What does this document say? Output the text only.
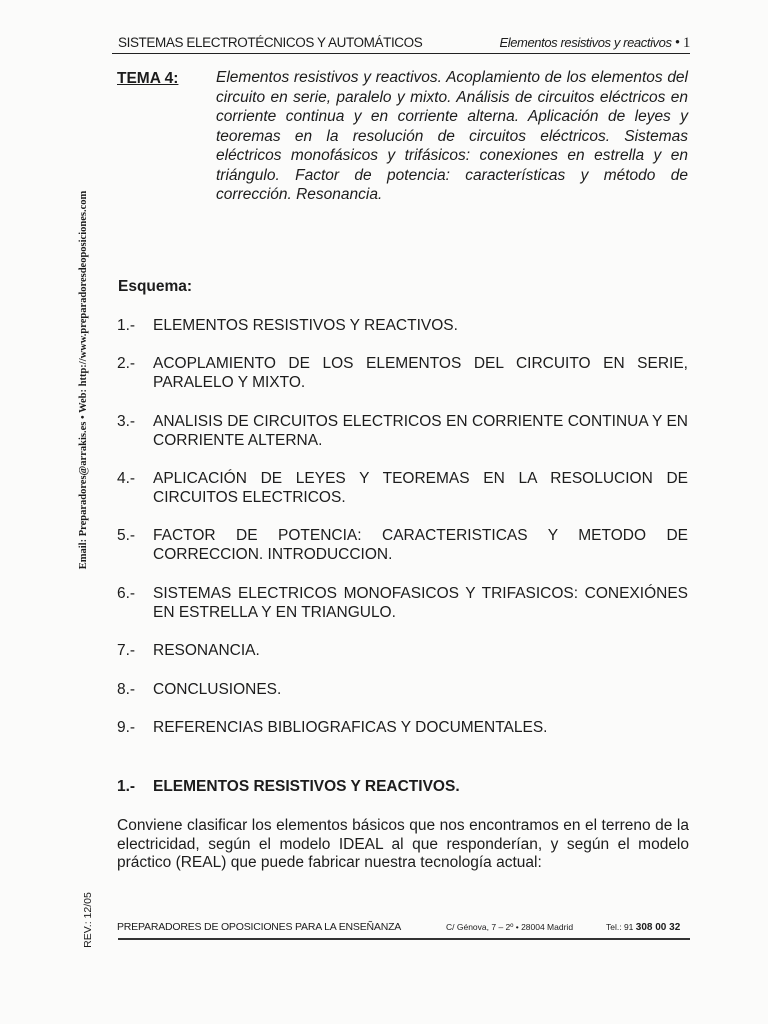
SISTEMAS ELECTROTÉCNICOS Y AUTOMÁTICOS	Elementos resistivos y reactivos • 1
TEMA 4: Elementos resistivos y reactivos. Acoplamiento de los elementos del circuito en serie, paralelo y mixto. Análisis de circuitos eléctricos en corriente continua y en corriente alterna. Aplicación de leyes y teoremas en la resolución de circuitos eléctricos. Sistemas eléctricos monofásicos y trifásicos: conexiones en estrella y en triángulo. Factor de potencia: características y método de corrección. Resonancia.
Email: Preparadores@arrakis.es • Web: http://www.preparadoresdeoposiciones.com
REV.: 12/05
Esquema:
1.-	ELEMENTOS RESISTIVOS Y REACTIVOS.
2.-	ACOPLAMIENTO DE LOS ELEMENTOS DEL CIRCUITO EN SERIE, PARALELO Y MIXTO.
3.-	ANALISIS DE CIRCUITOS ELECTRICOS EN CORRIENTE CONTINUA Y EN CORRIENTE ALTERNA.
4.-	APLICACIÓN DE LEYES Y TEOREMAS EN LA RESOLUCION DE CIRCUITOS ELECTRICOS.
5.-	FACTOR DE POTENCIA: CARACTERISTICAS Y METODO DE CORRECCION. INTRODUCCION.
6.-	SISTEMAS ELECTRICOS MONOFASICOS Y TRIFASICOS: CONEXIÓNES EN ESTRELLA Y EN TRIANGULO.
7.-	RESONANCIA.
8.-	CONCLUSIONES.
9.-	REFERENCIAS BIBLIOGRAFICAS Y DOCUMENTALES.
1.- ELEMENTOS RESISTIVOS Y REACTIVOS.
Conviene clasificar los elementos básicos que nos encontramos en el terreno de la electricidad, según el modelo IDEAL al que responderían, y según el modelo práctico (REAL) que puede fabricar nuestra tecnología actual:
PREPARADORES DE OPOSICIONES PARA LA ENSEÑANZA	C/ Génova, 7 – 2º • 28004 Madrid	Tel.: 91 308 00 32
